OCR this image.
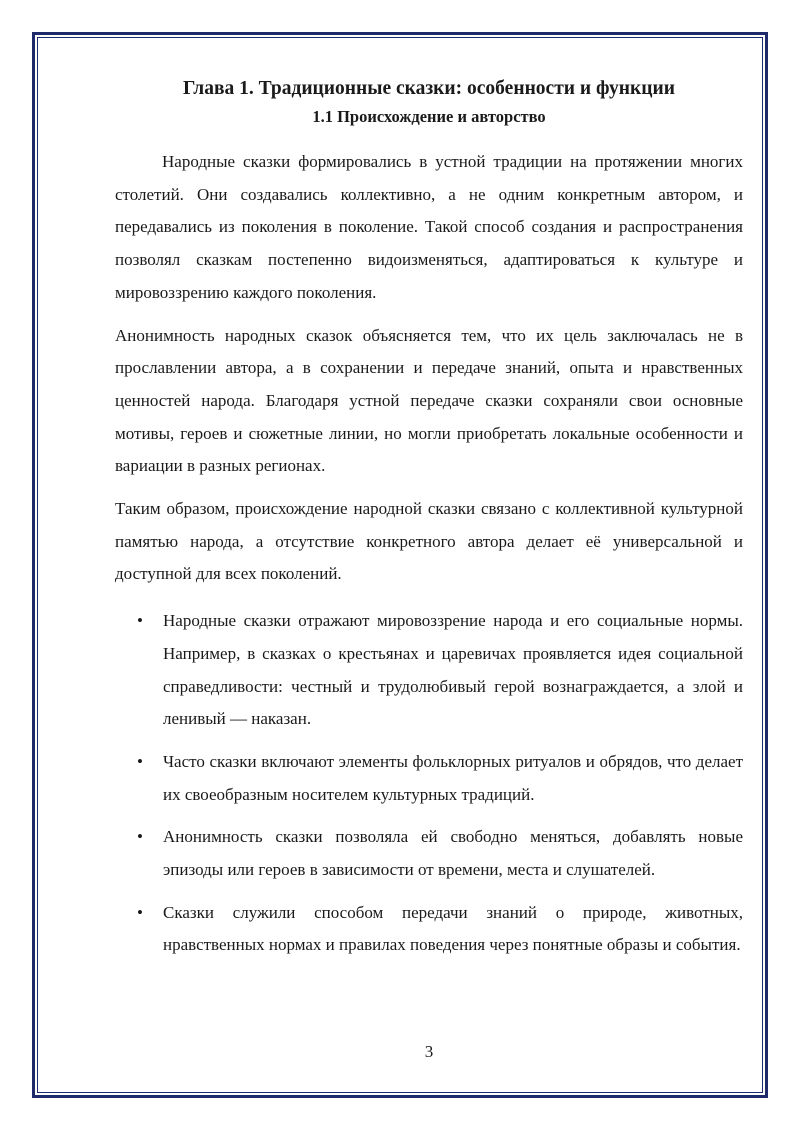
Глава 1. Традиционные сказки: особенности и функции
1.1 Происхождение и авторство

Народные сказки формировались в устной традиции на протяжении многих столетий. Они создавались коллективно, а не одним конкретным автором, и передавались из поколения в поколение. Такой способ создания и распространения позволял сказкам постепенно видоизменяться, адаптироваться к культуре и мировоззрению каждого поколения.

Анонимность народных сказок объясняется тем, что их цель заключалась не в прославлении автора, а в сохранении и передаче знаний, опыта и нравственных ценностей народа. Благодаря устной передаче сказки сохраняли свои основные мотивы, героев и сюжетные линии, но могли приобретать локальные особенности и вариации в разных регионах.

Таким образом, происхождение народной сказки связано с коллективной культурной памятью народа, а отсутствие конкретного автора делает её универсальной и доступной для всех поколений.

• Народные сказки отражают мировоззрение народа и его социальные нормы. Например, в сказках о крестьянах и царевичах проявляется идея социальной справедливости: честный и трудолюбивый герой вознаграждается, а злой и ленивый — наказан.
• Часто сказки включают элементы фольклорных ритуалов и обрядов, что делает их своеобразным носителем культурных традиций.
• Анонимность сказки позволяла ей свободно меняться, добавлять новые эпизоды или героев в зависимости от времени, места и слушателей.
• Сказки служили способом передачи знаний о природе, животных, нравственных нормах и правилах поведения через понятные образы и события.
3
